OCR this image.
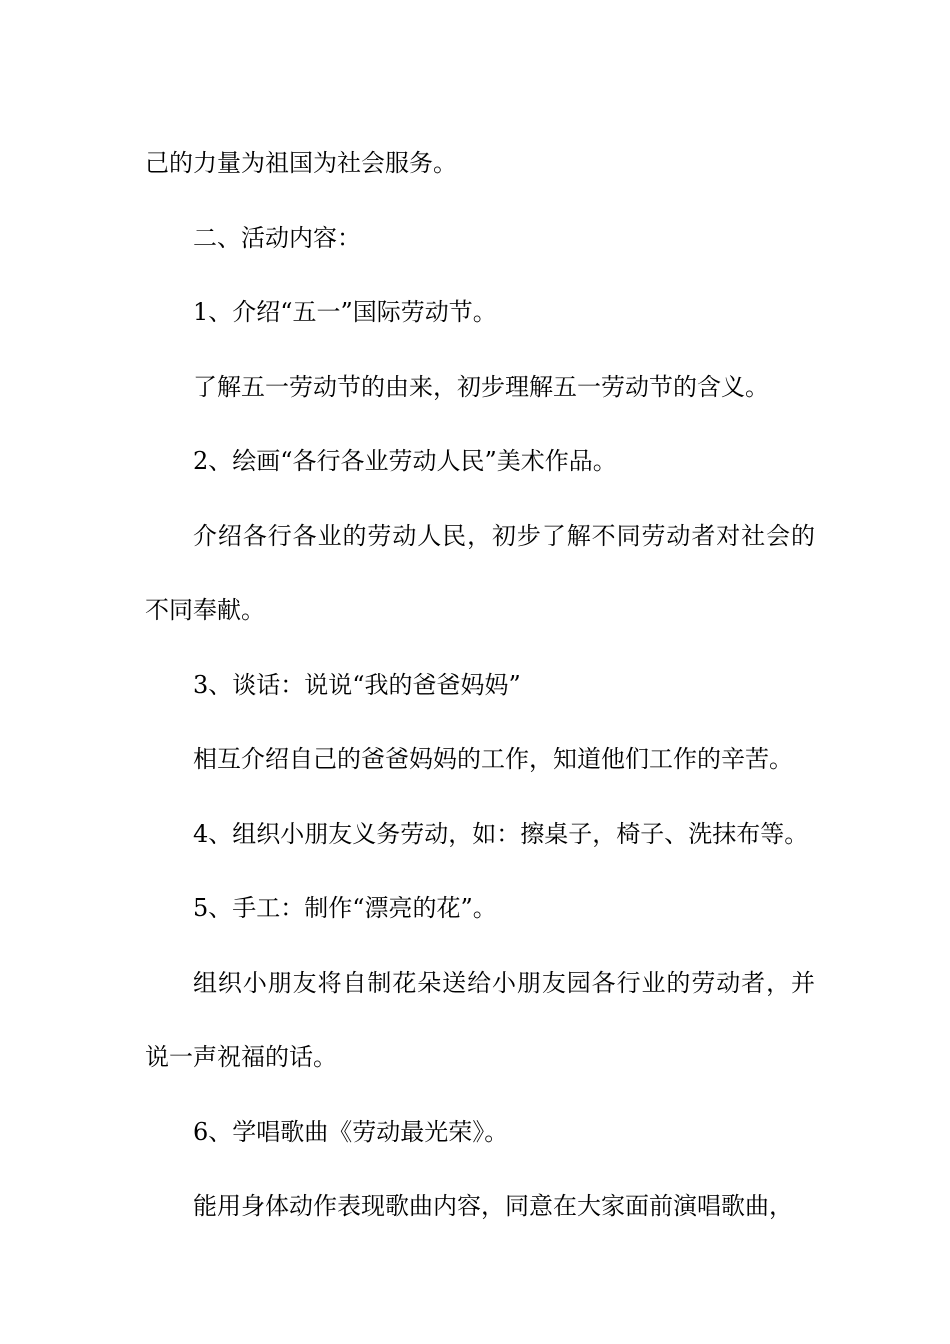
己的力量为祖国为社会服务。

二、活动内容：

1、介绍“五一”国际劳动节。

了解五一劳动节的由来，初步理解五一劳动节的含义。

2、绘画“各行各业劳动人民”美术作品。

介绍各行各业的劳动人民，初步了解不同劳动者对社会的不同奉献。

3、谈话：说说“我的爸爸妈妈”

相互介绍自己的爸爸妈妈的工作，知道他们工作的辛苦。

4、组织小朋友义务劳动，如：擦桌子，椅子、洗抹布等。

5、手工：制作“漂亮的花”。

组织小朋友将自制花朵送给小朋友园各行业的劳动者，并说一声祝福的话。

6、学唱歌曲《劳动最光荣》。

能用身体动作表现歌曲内容，同意在大家面前演唱歌曲，
